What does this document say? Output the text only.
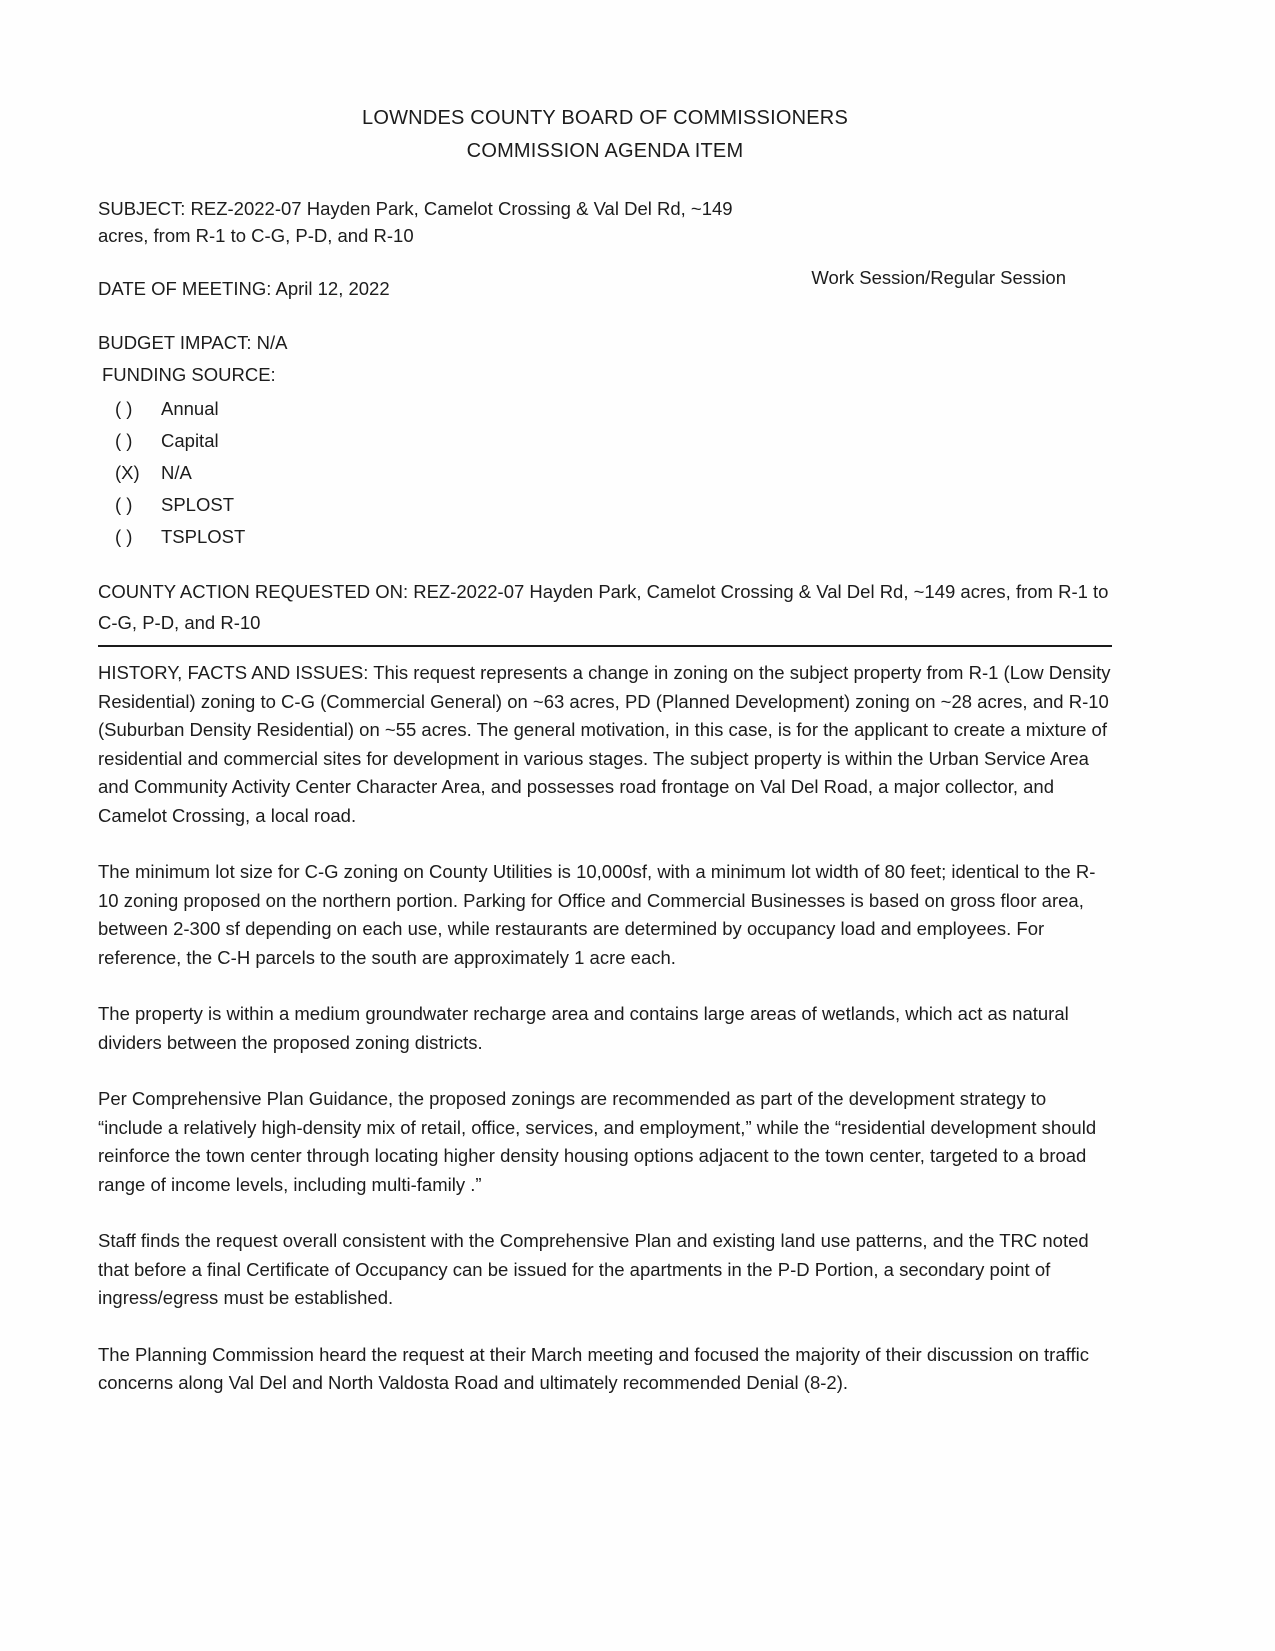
LOWNDES COUNTY BOARD OF COMMISSIONERS
COMMISSION AGENDA ITEM

SUBJECT: REZ-2022-07 Hayden Park, Camelot Crossing & Val Del Rd, ~149 acres, from R-1 to C-G, P-D, and R-10

DATE OF MEETING: April 12, 2022
Work Session/Regular Session

BUDGET IMPACT: N/A

FUNDING SOURCE:

( )	Annual
( )	Capital
(X)	N/A
( )	SPLOST
( )	TSPLOST

COUNTY ACTION REQUESTED ON: REZ-2022-07 Hayden Park, Camelot Crossing & Val Del Rd, ~149 acres, from R-1 to C-G, P-D, and R-10

HISTORY, FACTS AND ISSUES: This request represents a change in zoning on the subject property from R-1 (Low Density Residential) zoning to C-G (Commercial General) on ~63 acres, PD (Planned Development) zoning on ~28 acres, and R-10 (Suburban Density Residential) on ~55 acres. The general motivation, in this case, is for the applicant to create a mixture of residential and commercial sites for development in various stages. The subject property is within the Urban Service Area and Community Activity Center Character Area, and possesses road frontage on Val Del Road, a major collector, and Camelot Crossing, a local road.

The minimum lot size for C-G zoning on County Utilities is 10,000sf, with a minimum lot width of 80 feet; identical to the R-10 zoning proposed on the northern portion. Parking for Office and Commercial Businesses is based on gross floor area, between 2-300 sf depending on each use, while restaurants are determined by occupancy load and employees. For reference, the C-H parcels to the south are approximately 1 acre each.

The property is within a medium groundwater recharge area and contains large areas of wetlands, which act as natural dividers between the proposed zoning districts.

Per Comprehensive Plan Guidance, the proposed zonings are recommended as part of the development strategy to “include a relatively high-density mix of retail, office, services, and employment,” while the “residential development should reinforce the town center through locating higher density housing options adjacent to the town center, targeted to a broad range of income levels, including multi-family .”

Staff finds the request overall consistent with the Comprehensive Plan and existing land use patterns, and the TRC noted that before a final Certificate of Occupancy can be issued for the apartments in the P-D Portion, a secondary point of ingress/egress must be established.

The Planning Commission heard the request at their March meeting and focused the majority of their discussion on traffic concerns along Val Del and North Valdosta Road and ultimately recommended Denial (8-2).
